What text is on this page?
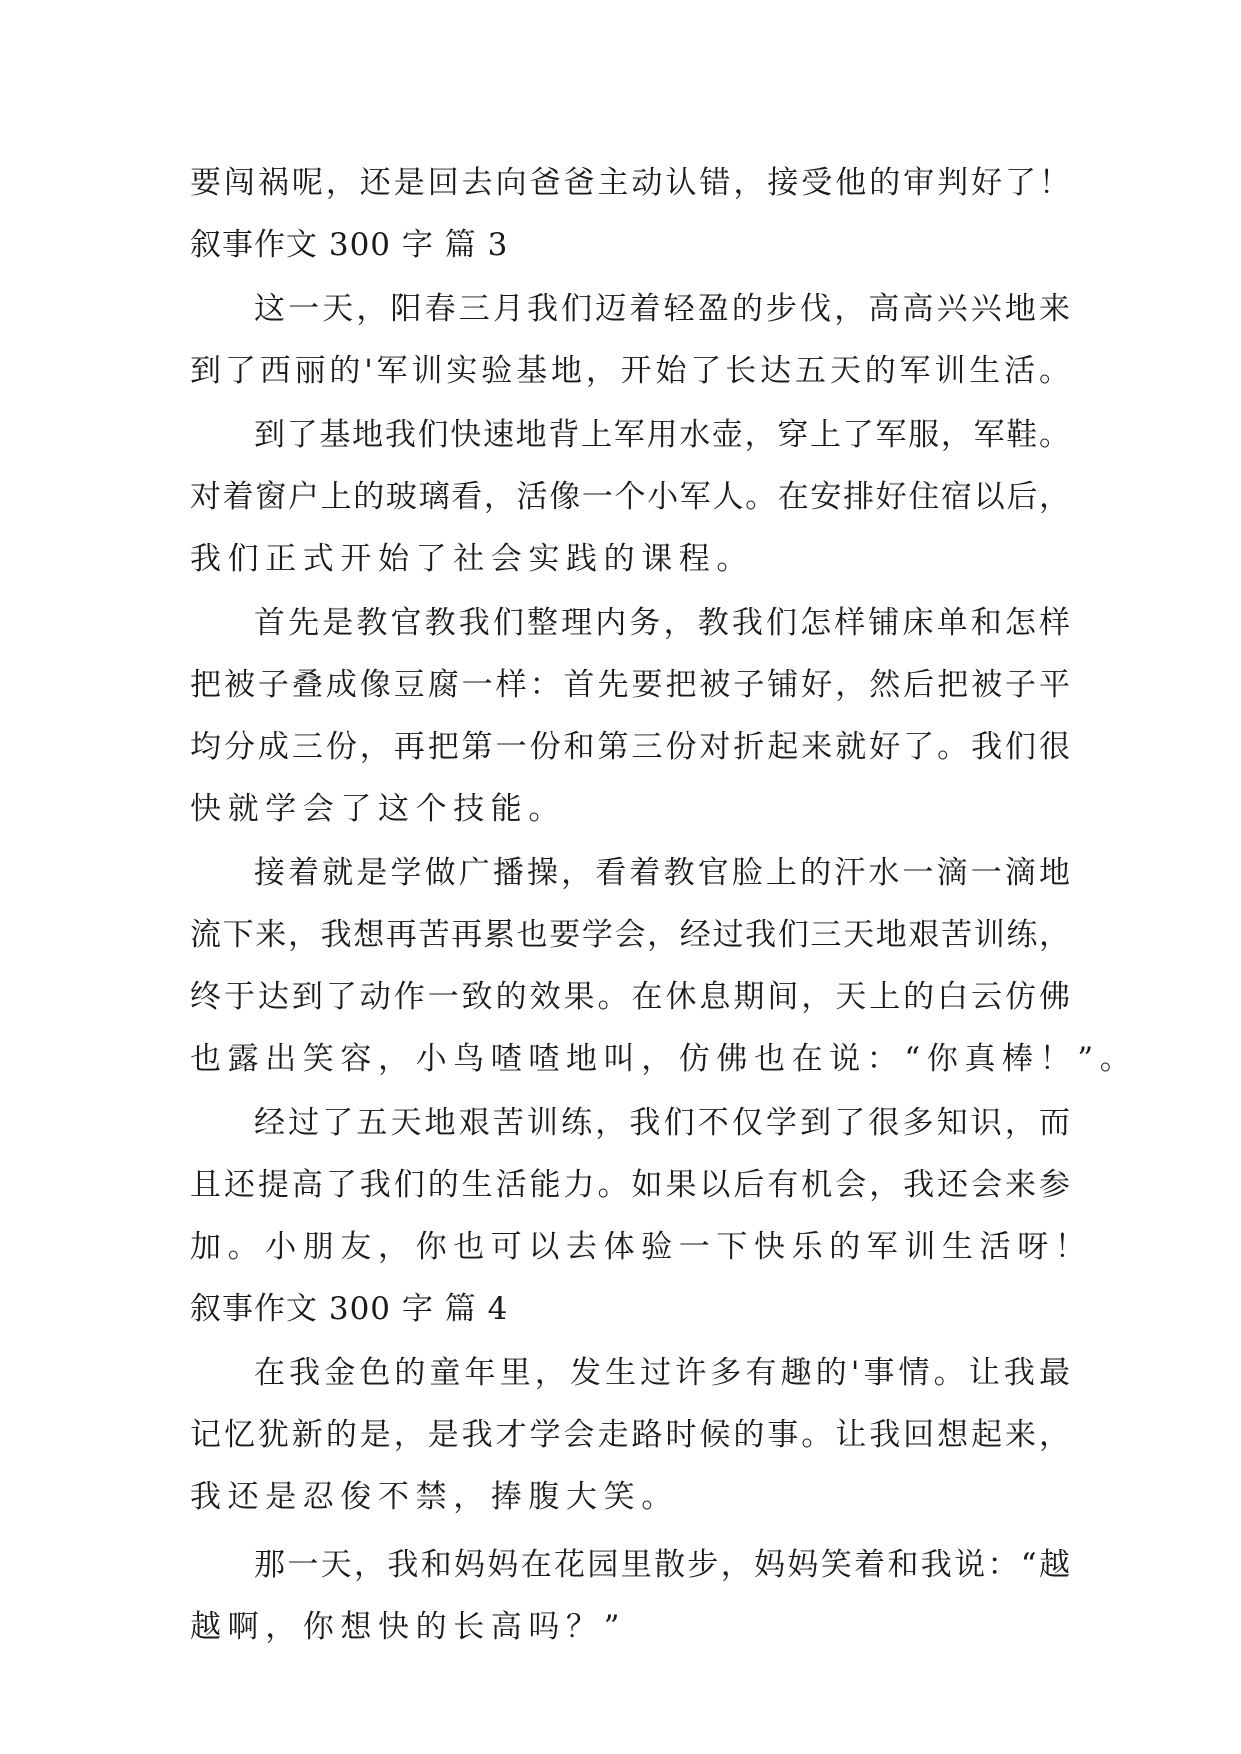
要闯祸呢，还是回去向爸爸主动认错，接受他的审判好了！
叙事作文 300 字 篇 3
这一天，阳春三月我们迈着轻盈的步伐，高高兴兴地来
到了西丽的'军训实验基地，开始了长达五天的军训生活。
到了基地我们快速地背上军用水壶，穿上了军服，军鞋。
对着窗户上的玻璃看，活像一个小军人。在安排好住宿以后，
我们正式开始了社会实践的课程。
首先是教官教我们整理内务，教我们怎样铺床单和怎样
把被子叠成像豆腐一样：首先要把被子铺好，然后把被子平
均分成三份，再把第一份和第三份对折起来就好了。我们很
快就学会了这个技能。
接着就是学做广播操，看着教官脸上的汗水一滴一滴地
流下来，我想再苦再累也要学会，经过我们三天地艰苦训练，
终于达到了动作一致的效果。在休息期间，天上的白云仿佛
也露出笑容，小鸟喳喳地叫，仿佛也在说：“你真棒！”。
经过了五天地艰苦训练，我们不仅学到了很多知识，而
且还提高了我们的生活能力。如果以后有机会，我还会来参
加。小朋友，你也可以去体验一下快乐的军训生活呀！
叙事作文 300 字 篇 4
在我金色的童年里，发生过许多有趣的'事情。让我最
记忆犹新的是，是我才学会走路时候的事。让我回想起来，
我还是忍俊不禁，捧腹大笑。
那一天，我和妈妈在花园里散步，妈妈笑着和我说：“越
越啊，你想快的长高吗？”
